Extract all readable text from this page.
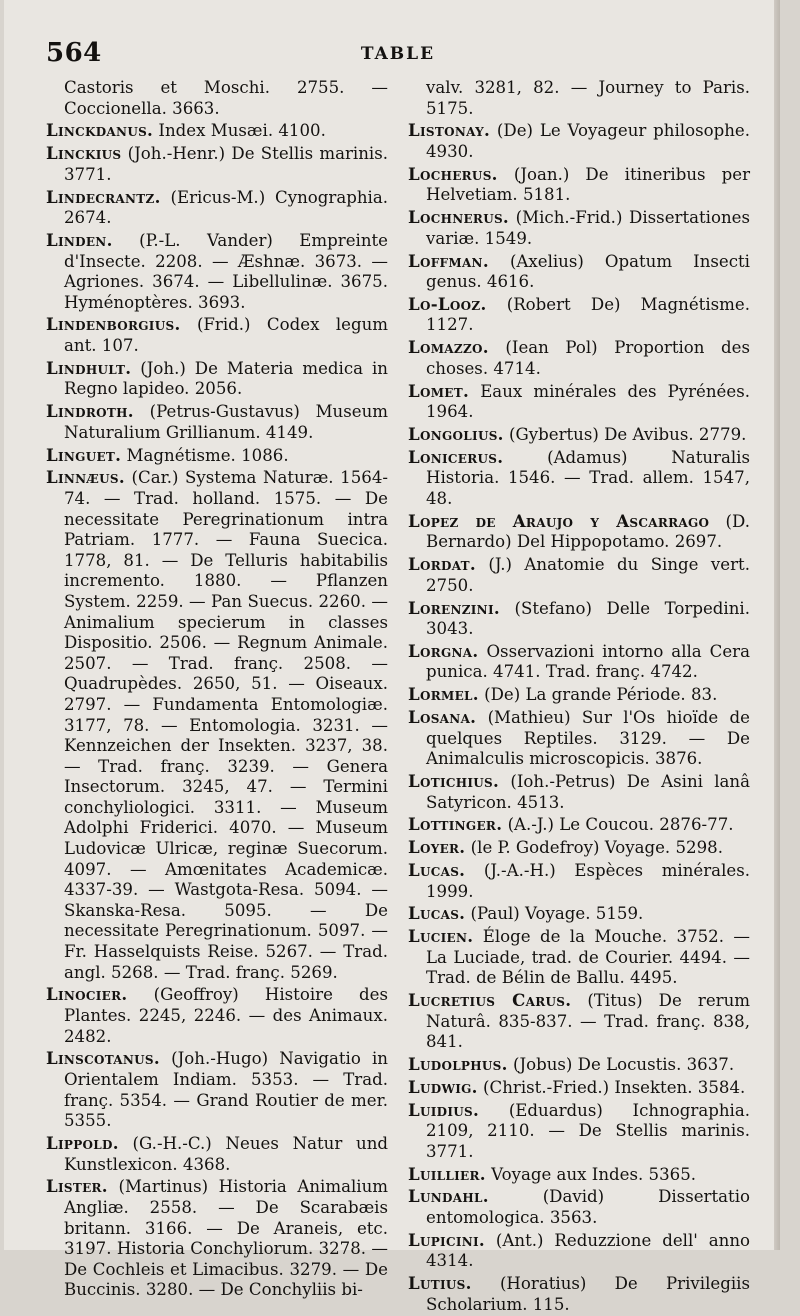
564	TABLE

Castoris et Moschi. 2755. — Coccionella. 3663.

Linckdanus. Index Musæi. 4100.

Linckius (Joh.-Henr.) De Stellis marinis. 3771.

Lindecrantz. (Ericus-M.) Cynographia. 2674.

Linden. (P.-L. Vander) Empreinte d'Insecte. 2208. — Æshnæ. 3673. — Agriones. 3674. — Libellulinæ. 3675. Hyménoptères. 3693.

Lindenborgius. (Frid.) Codex legum ant. 107.

Lindhult. (Joh.) De Materia medica in Regno lapideo. 2056.

Lindroth. (Petrus-Gustavus) Museum Naturalium Grillianum. 4149.

Linguet. Magnétisme. 1086.

Linnæus. (Car.) Systema Naturæ. 1564-74. — Trad. holland. 1575. — De necessitate Peregrinationum intra Patriam. 1777. — Fauna Suecica. 1778, 81. — De Telluris habitabilis incremento. 1880. — Pflanzen System. 2259. — Pan Suecus. 2260. — Animalium specierum in classes Dispositio. 2506. — Regnum Animale. 2507. — Trad. franç. 2508. — Quadrupèdes. 2650, 51. — Oiseaux. 2797. — Fundamenta Entomologiæ. 3177, 78. — Entomologia. 3231. — Kennzeichen der Insekten. 3237, 38. — Trad. franç. 3239. — Genera Insectorum. 3245, 47. — Termini conchyliologici. 3311. — Museum Adolphi Friderici. 4070. — Museum Ludovicæ Ulricæ, reginæ Suecorum. 4097. — Amœnitates Academicæ. 4337-39. — Wastgota-Resa. 5094. — Skanska-Resa. 5095. — De necessitate Peregrinationum. 5097. — Fr. Hasselquists Reise. 5267. — Trad. angl. 5268. — Trad. franç. 5269.

Linocier. (Geoffroy) Histoire des Plantes. 2245, 2246. — des Animaux. 2482.

Linscotanus. (Joh.-Hugo) Navigatio in Orientalem Indiam. 5353. — Trad. franç. 5354. — Grand Routier de mer. 5355.

Lippold. (G.-H.-C.) Neues Natur und Kunstlexicon. 4368.

Lister. (Martinus) Historia Animalium Angliæ. 2558. — De Scarabæis britann. 3166. — De Araneis, etc. 3197. Historia Conchyliorum. 3278. — De Cochleis et Limacibus. 3279. — De Buccinis. 3280. — De Conchyliis bi-

valv. 3281, 82. — Journey to Paris. 5175.

Listonay. (De) Le Voyageur philosophe. 4930.

Locherus. (Joan.) De itineribus per Helvetiam. 5181.

Lochnerus. (Mich.-Frid.) Dissertationes variæ. 1549.

Loffman. (Axelius) Opatum Insecti genus. 4616.

Lo-Looz. (Robert De) Magnétisme. 1127.

Lomazzo. (Iean Pol) Proportion des choses. 4714.

Lomet. Eaux minérales des Pyrénées. 1964.

Longolius. (Gybertus) De Avibus. 2779.

Lonicerus.	(Adamus) Naturalis Historia. 1546. — Trad. allem. 1547, 48.

Lopez de Araujo y Ascarrago (D. Bernardo) Del Hippopotamo. 2697.

Lordat. (J.) Anatomie du Singe vert. 2750.

Lorenzini. (Stefano) Delle Torpedini. 3043.

Lorgna. Osservazioni intorno alla Cera punica. 4741. Trad. franç. 4742.

Lormel. (De) La grande Période. 83.

Losana. (Mathieu) Sur l'Os hioïde de quelques Reptiles. 3129. — De Animalculis microscopicis. 3876.

Lotichius. (Ioh.-Petrus) De Asini lanâ Satyricon. 4513.

Lottinger. (A.-J.) Le Coucou. 2876-77.

Loyer. (le P. Godefroy) Voyage. 5298.

Lucas. (J.-A.-H.) Espèces minérales. 1999.

Lucas. (Paul) Voyage. 5159.

Lucien. Éloge de la Mouche. 3752. — La Luciade, trad. de Courier. 4494. — Trad. de Bélin de Ballu. 4495.

Lucretius Carus. (Titus) De rerum Naturâ. 835-837. — Trad. franç. 838, 841.

Ludolphus. (Jobus) De Locustis. 3637.

Ludwig. (Christ.-Fried.) Insekten. 3584.

Luidius. (Eduardus) Ichnographia. 2109, 2110. — De Stellis marinis. 3771.

Luillier. Voyage aux Indes. 5365.

Lundahl.	(David) Dissertatio entomologica. 3563.

Lupicini. (Ant.) Reduzzione dell' anno 4314.

Lutius. (Horatius) De Privilegiis Scholarium. 115.
